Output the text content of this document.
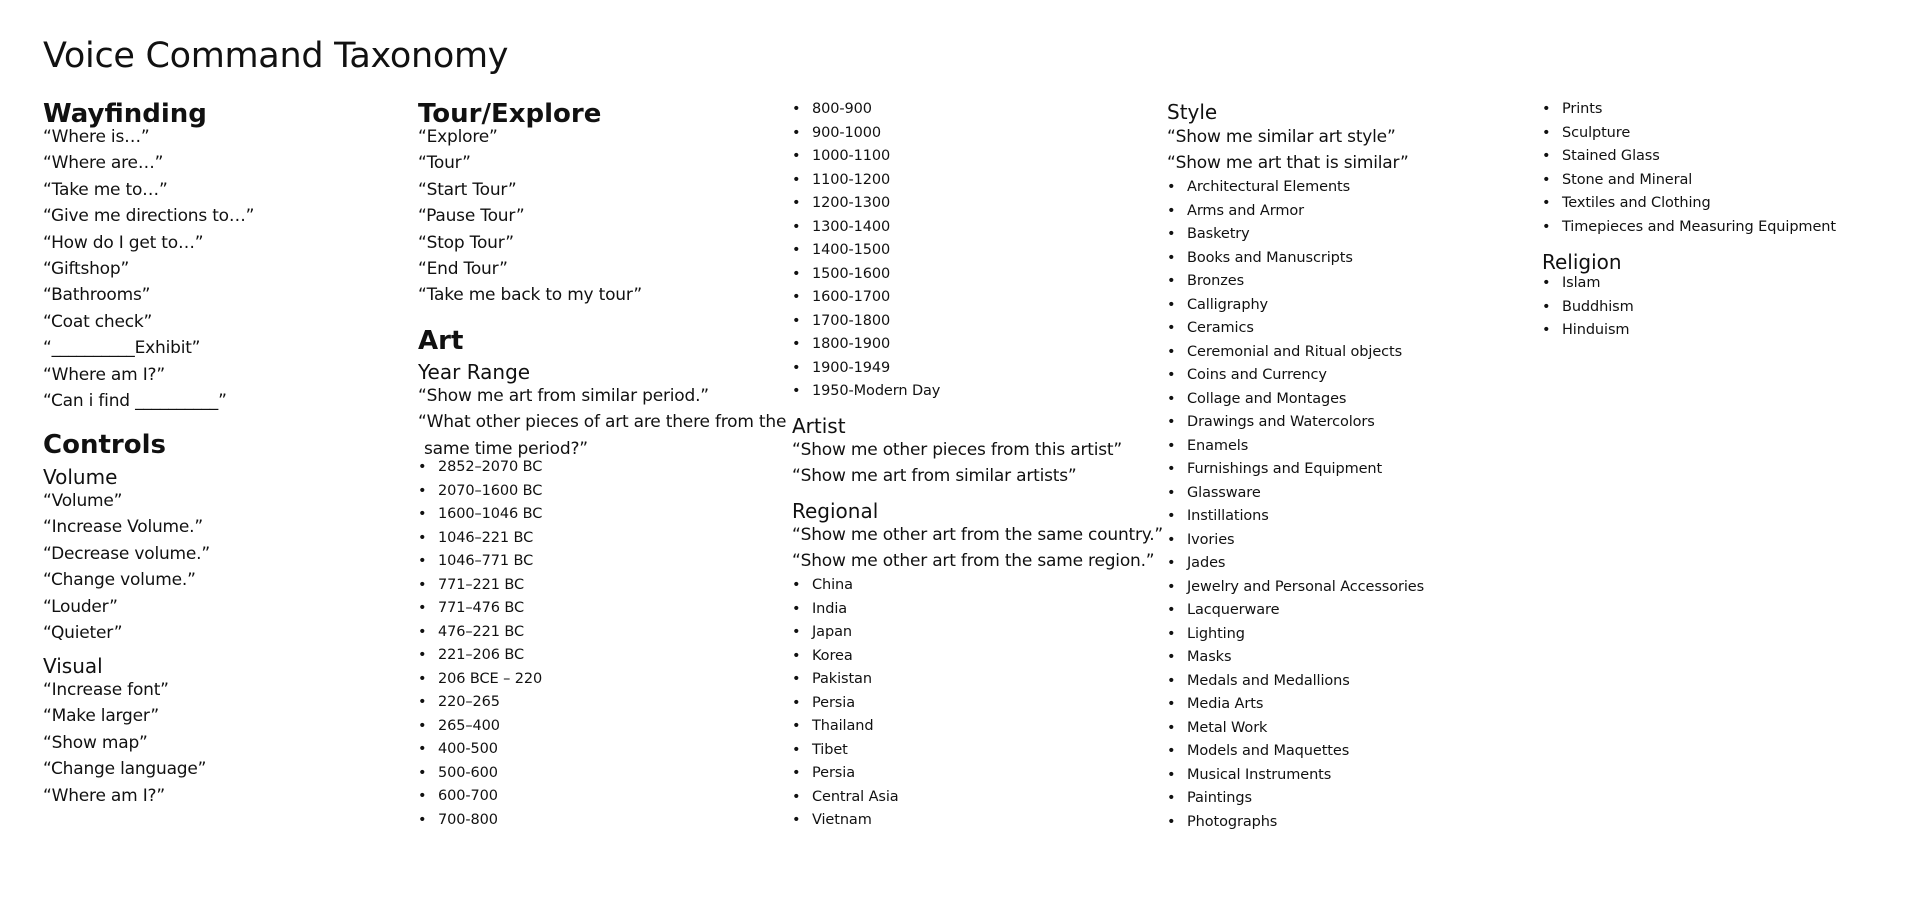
Voice Command Taxonomy
Wayfinding
“Where is…”
“Where are…”
“Take me to…”
“Give me directions to…”
“How do I get to…”
“Giftshop”
“Bathrooms”
“Coat check”
“__________Exhibit”
“Where am I?”
“Can i find __________”
Controls
Volume
“Volume”
“Increase Volume.”
“Decrease volume.”
“Change volume.”
“Louder”
“Quieter”
Visual
“Increase font”
“Make larger”
“Show map”
“Change language”
“Where am I?”
Tour/Explore
“Explore”
“Tour”
“Start Tour”
“Pause Tour”
“Stop Tour”
“End Tour”
“Take me back to my tour”
Art
Year Range
“Show me art from similar period.”
“What other pieces of art are there from the same time period?”
• 2852–2070 BC
• 2070–1600 BC
• 1600–1046 BC
• 1046–221 BC
• 1046–771 BC
• 771–221 BC
• 771–476 BC
• 476–221 BC
• 221–206 BC
• 206 BCE – 220
• 220–265
• 265–400
• 400-500
• 500-600
• 600-700
• 700-800
• 800-900
• 900-1000
• 1000-1100
• 1100-1200
• 1200-1300
• 1300-1400
• 1400-1500
• 1500-1600
• 1600-1700
• 1700-1800
• 1800-1900
• 1900-1949
• 1950-Modern Day
Artist
“Show me other pieces from this artist”
“Show me art from similar artists”
Regional
“Show me other art from the same country.”
“Show me other art from the same region.”
• China
• India
• Japan
• Korea
• Pakistan
• Persia
• Thailand
• Tibet
• Persia
• Central Asia
• Vietnam
Style
“Show me similar art style”
“Show me art that is similar”
• Architectural Elements
• Arms and Armor
• Basketry
• Books and Manuscripts
• Bronzes
• Calligraphy
• Ceramics
• Ceremonial and Ritual objects
• Coins and Currency
• Collage and Montages
• Drawings and Watercolors
• Enamels
• Furnishings and Equipment
• Glassware
• Instillations
• Ivories
• Jades
• Jewelry and Personal Accessories
• Lacquerware
• Lighting
• Masks
• Medals and Medallions
• Media Arts
• Metal Work
• Models and Maquettes
• Musical Instruments
• Paintings
• Photographs
• Prints
• Sculpture
• Stained Glass
• Stone and Mineral
• Textiles and Clothing
• Timepieces and Measuring Equipment
Religion
• Islam
• Buddhism
• Hinduism
